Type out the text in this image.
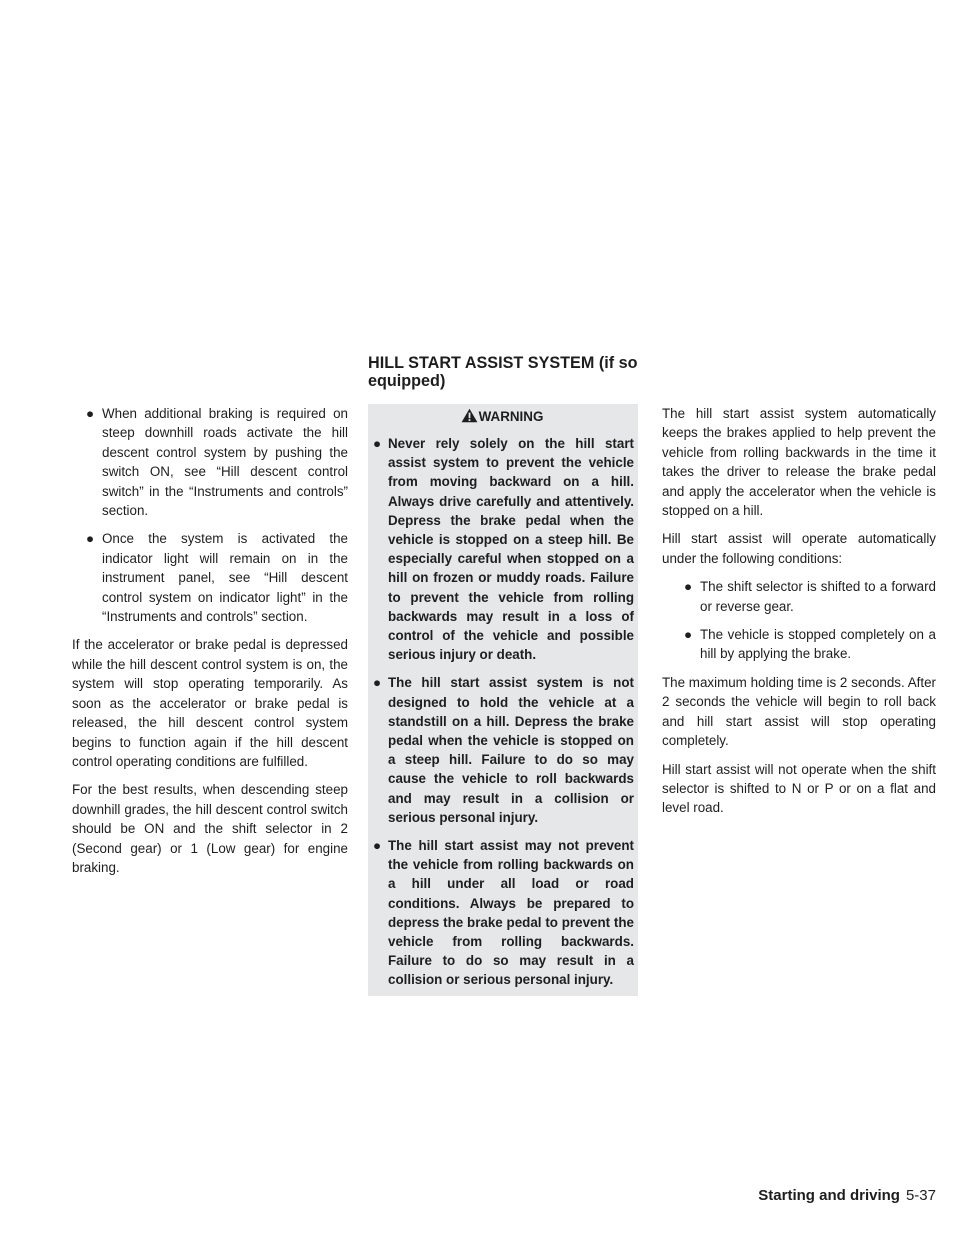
● When additional braking is required on steep downhill roads activate the hill descent control system by pushing the switch ON, see “Hill descent control switch” in the “Instruments and controls” section.
● Once the system is activated the indicator light will remain on in the instrument panel, see “Hill descent control system on indicator light” in the “Instruments and controls” section.

If the accelerator or brake pedal is depressed while the hill descent control system is on, the system will stop operating temporarily. As soon as the accelerator or brake pedal is released, the hill descent control system begins to function again if the hill descent control operating conditions are fulfilled.

For the best results, when descending steep downhill grades, the hill descent control switch should be ON and the shift selector in 2 (Second gear) or 1 (Low gear) for engine braking.

HILL START ASSIST SYSTEM (if so equipped)
WARNING
● Never rely solely on the hill start assist system to prevent the vehicle from moving backward on a hill. Always drive carefully and attentively. Depress the brake pedal when the vehicle is stopped on a steep hill. Be especially careful when stopped on a hill on frozen or muddy roads. Failure to prevent the vehicle from rolling backwards may result in a loss of control of the vehicle and possible serious injury or death.
● The hill start assist system is not designed to hold the vehicle at a standstill on a hill. Depress the brake pedal when the vehicle is stopped on a steep hill. Failure to do so may cause the vehicle to roll backwards and may result in a collision or serious personal injury.
● The hill start assist may not prevent the vehicle from rolling backwards on a hill under all load or road conditions. Always be prepared to depress the brake pedal to prevent the vehicle from rolling backwards. Failure to do so may result in a collision or serious personal injury.

The hill start assist system automatically keeps the brakes applied to help prevent the vehicle from rolling backwards in the time it takes the driver to release the brake pedal and apply the accelerator when the vehicle is stopped on a hill.

Hill start assist will operate automatically under the following conditions:

● The shift selector is shifted to a forward or reverse gear.
● The vehicle is stopped completely on a hill by applying the brake.

The maximum holding time is 2 seconds. After 2 seconds the vehicle will begin to roll back and hill start assist will stop operating completely.

Hill start assist will not operate when the shift selector is shifted to N or P or on a flat and level road.

Starting and driving 5-37
